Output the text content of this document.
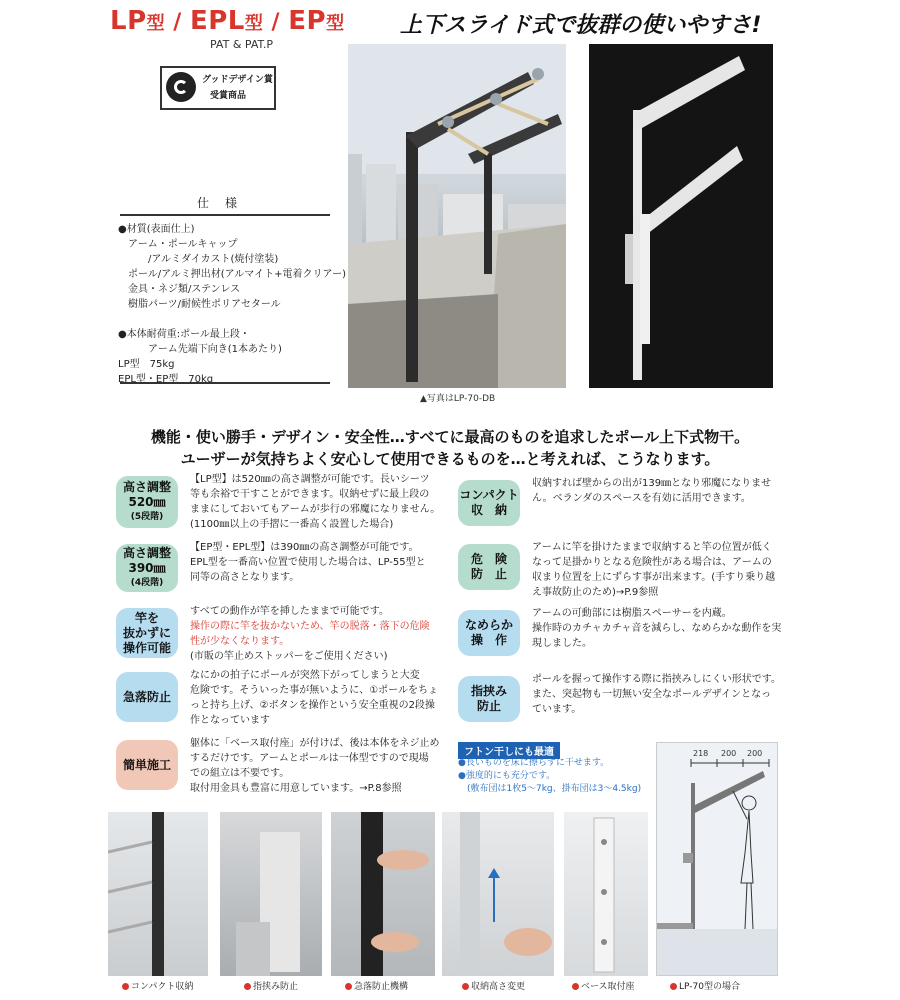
LP型 / EPL型 / EP型	上下スライド式で抜群の使いやすさ!
PAT & PAT.P
グッドデザイン賞
受賞商品
仕様
●材質(表面仕上)
　アーム・ポールキャップ
　　　/アルミダイカスト(焼付塗装)
　ポール/アルミ押出材(アルマイト+電着クリアー)
　金具・ネジ類/ステンレス
　樹脂パーツ/耐候性ポリアセタール
●本体耐荷重:ポール最上段・
　　　アーム先端下向き(1本あたり)
LP型　75kg
EPL型・EP型　70kg
▲写真はLP-70-DB
機能・使い勝手・デザイン・安全性…すべてに最高のものを追求したポール上下式物干。
ユーザーが気持ちよく安心して使用できるものを…と考えれば、こうなります。
高さ調整
520㎜
(5段階)
【LP型】は520㎜の高さ調整が可能です。長いシーツ
等も余裕で干すことができます。収納せずに最上段の
ままにしておいてもアームが歩行の邪魔になりません。
(1100㎜以上の手摺に一番高く設置した場合)
高さ調整
390㎜
(4段階)
【EP型・EPL型】は390㎜の高さ調整が可能です。
EPL型を一番高い位置で使用した場合は、LP-55型と
同等の高さとなります。
竿を
抜かずに
操作可能
すべての動作が竿を挿したままで可能です。
操作の際に竿を抜かないため、竿の脱落・落下の危険
性が少なくなります。
(市販の竿止めストッパーをご使用ください)
急落防止
なにかの拍子にポールが突然下がってしまうと大変
危険です。そういった事が無いように、①ポールをちょ
っと持ち上げ、②ボタンを操作という安全重視の2段操
作となっています
簡単施工
躯体に「ベース取付座」が付けば、後は本体をネジ止め
するだけです。アームとポールは一体型ですので現場
での組立は不要です。
取付用金具も豊富に用意しています。→P.8参照
コンパクト
収　納
収納すれば壁からの出が139㎜となり邪魔になりませ
ん。ベランダのスペースを有効に活用できます。
危　険
防　止
アームに竿を掛けたままで収納すると竿の位置が低く
なって足掛かりとなる危険性がある場合は、アームの
収まり位置を上にずらす事が出来ます。(手すり乗り越
え事故防止のため)→P.9参照
なめらか
操　作
アームの可動部には樹脂スペーサーを内蔵。
操作時のカチャカチャ音を減らし、なめらかな動作を実
現しました。
指挟み
防止
ポールを握って操作する際に指挟みしにくい形状です。
また、突起物も一切無い安全なポールデザインとなっ
ています。
フトン干しにも最適
●長いものを床に擦らずに干せます。
●強度的にも充分です。
　(敷布団は1枚5〜7kg、掛布団は3〜4.5kg)
218 200 200
コンパクト収納	指挟み防止	急落防止機構	収納高さ変更	ベース取付座	LP-70型の場合
